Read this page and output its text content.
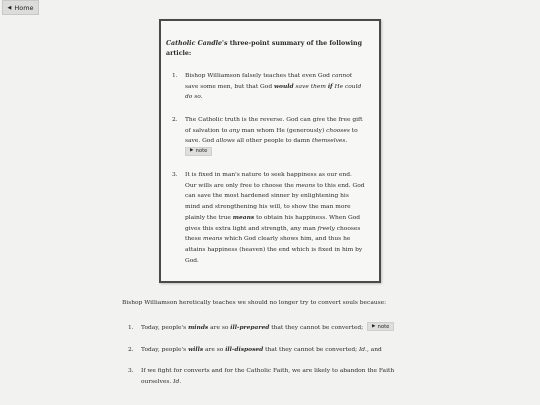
◀ Home

Catholic Candle's three-point summary of the following article:

1. Bishop Williamson falsely teaches that even God cannot save some men, but that God would save them if He could do so.
2. The Catholic truth is the reverse. God can give the free gift of salvation to any man whom He (generously) chooses to save. God allows all other people to damn themselves.
▶ note
3. It is fixed in man's nature to seek happiness as our end. Our wills are only free to choose the means to this end. God can save the most hardened sinner by enlightening his mind and strengthening his will, to show the man more plainly the true means to obtain his happiness. When God gives this extra light and strength, any man freely chooses these means which God clearly shows him, and thus he attains happiness (heaven) the end which is fixed in him by God.

Bishop Williamson heretically teaches we should no longer try to convert souls because:

1. Today, people's minds are so ill-prepared that they cannot be converted;	▶ note
2. Today, people's wills are so ill-disposed that they cannot be converted; Id., and
3. If we fight for converts and for the Catholic Faith, we are likely to abandon the Faith ourselves. Id.
